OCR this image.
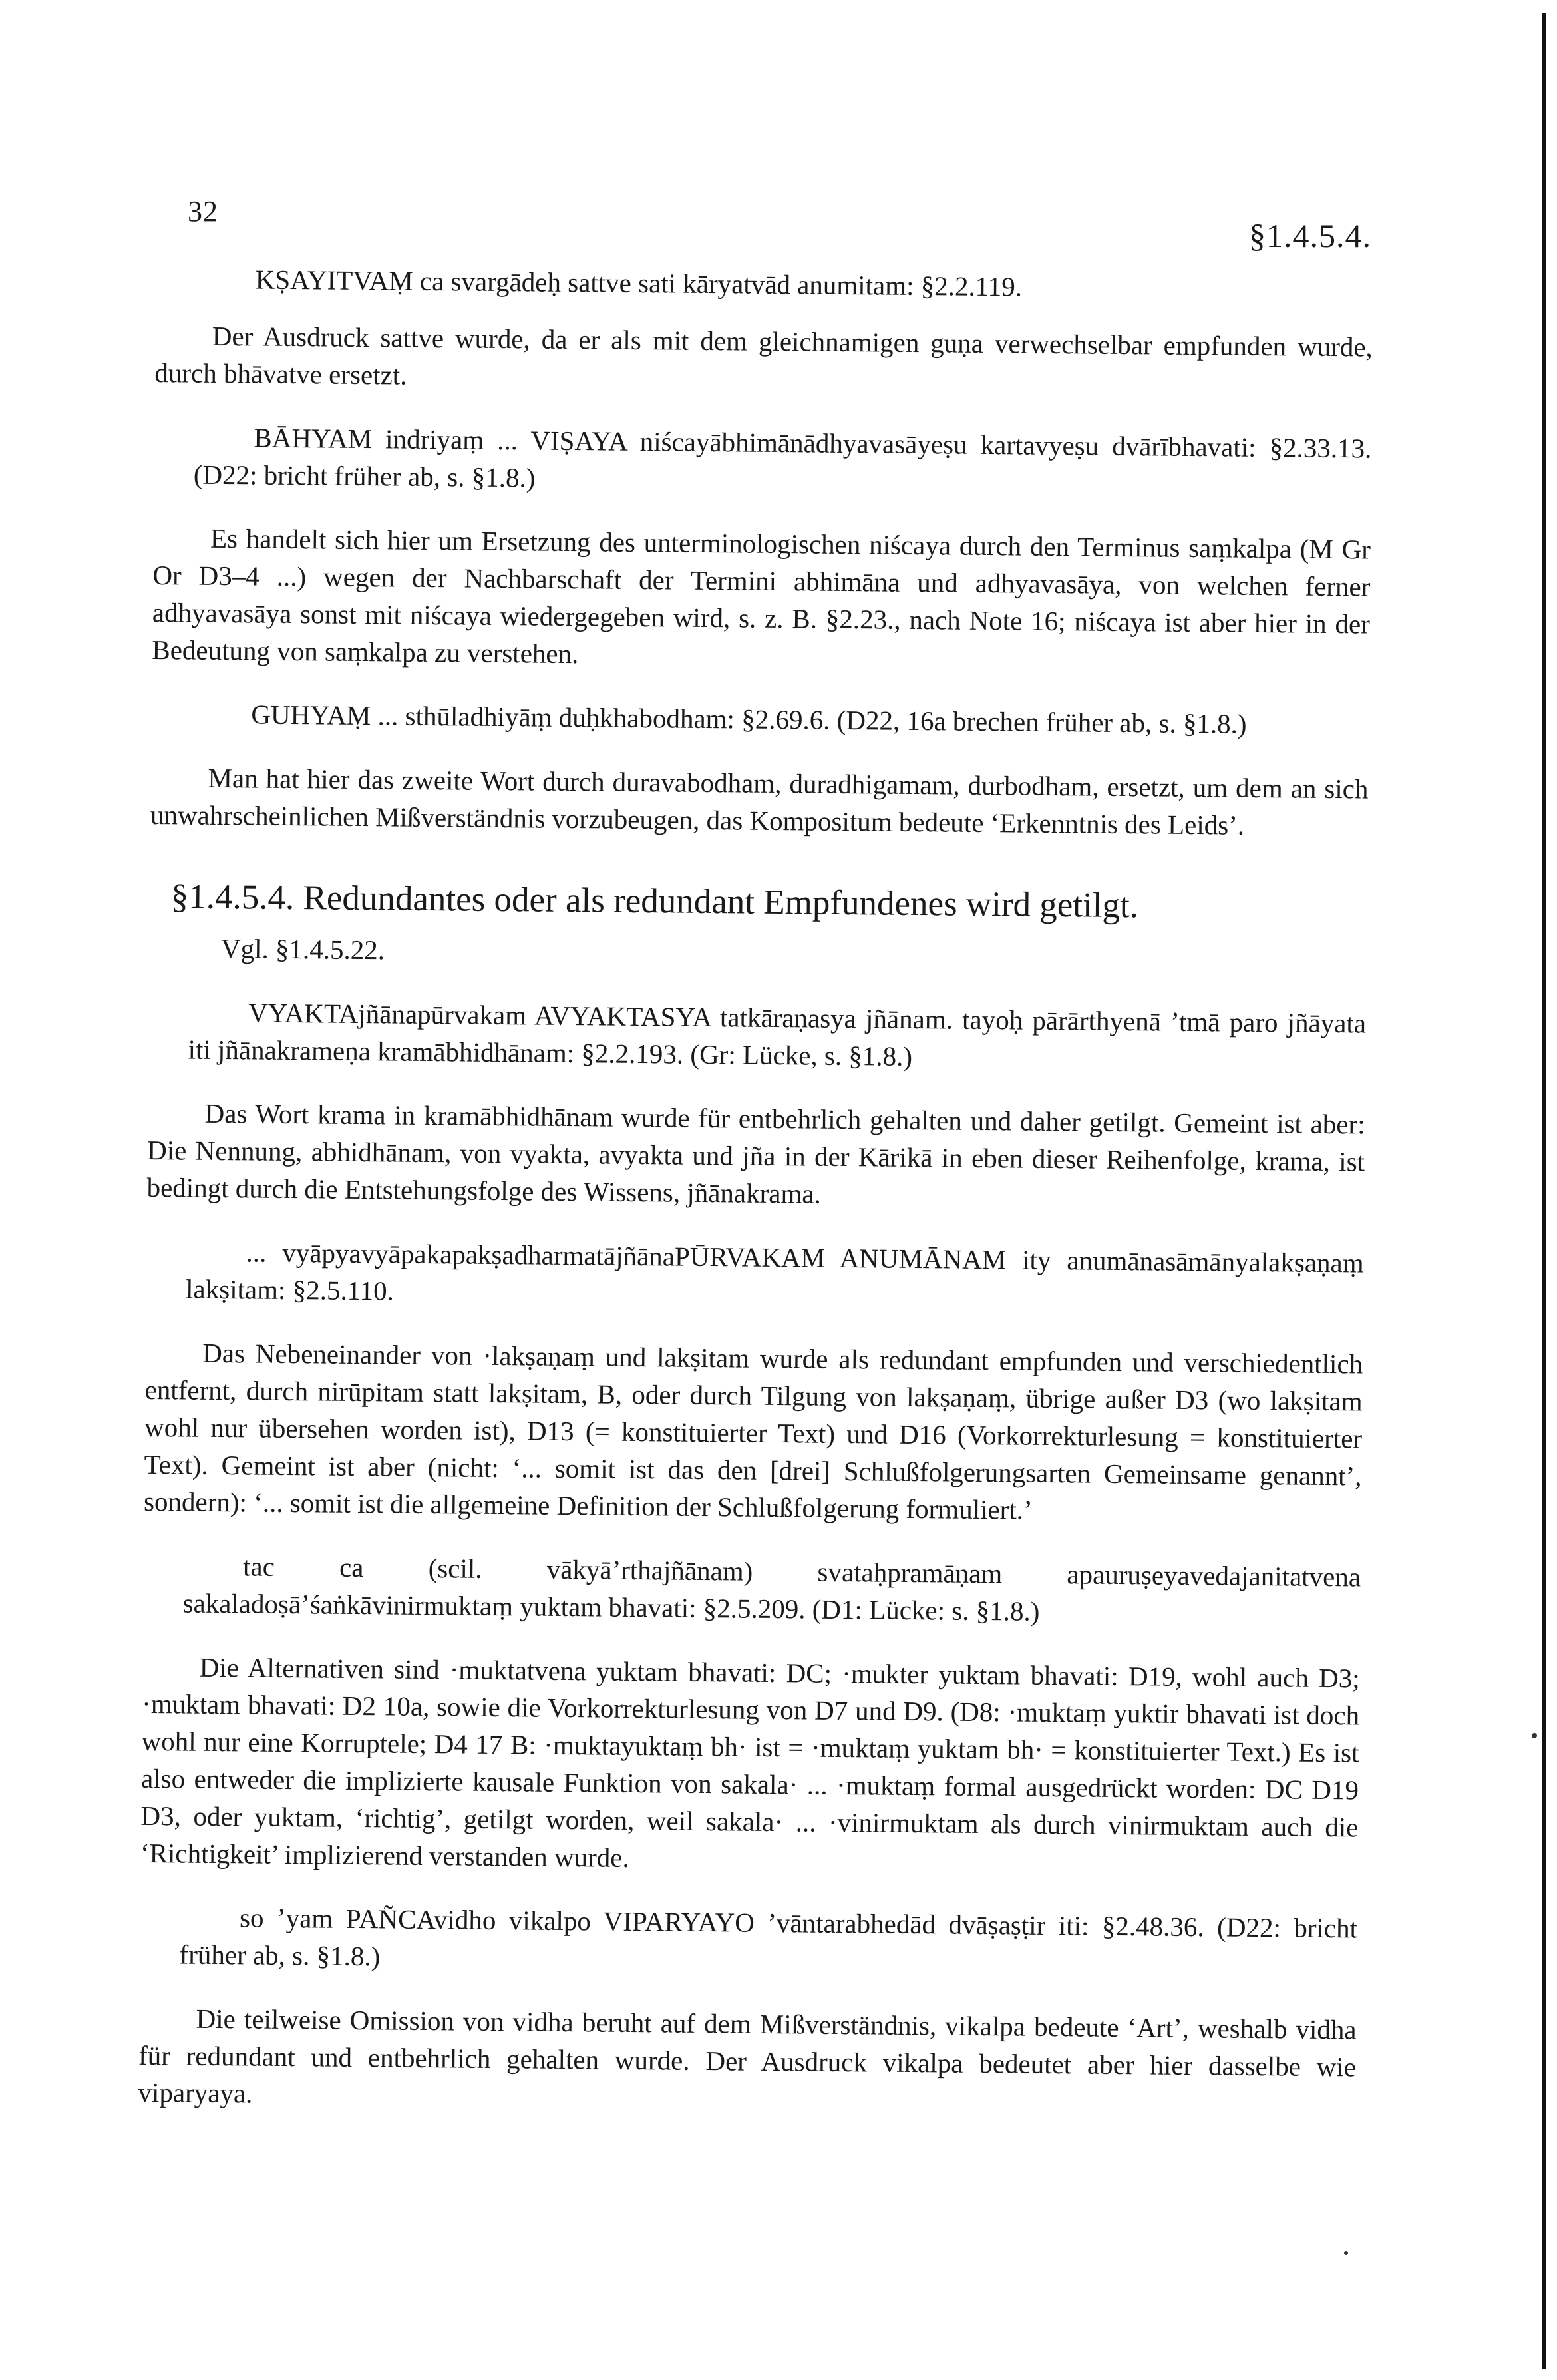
32
§1.4.5.4.

KṢAYITVAṂ ca svargādeḥ sattve sati kāryatvād anumitam: §2.2.119.

Der Ausdruck sattve wurde, da er als mit dem gleichnamigen guṇa verwechselbar empfunden wurde, durch bhāvatve ersetzt.

BĀHYAM indriyaṃ ... VIṢAYA niścayābhimānādhyavasāyeṣu kartavyeṣu dvārībhavati: §2.33.13. (D22: bricht früher ab, s. §1.8.)

Es handelt sich hier um Ersetzung des unterminologischen niścaya durch den Terminus saṃkalpa (M Gr Or D3–4 ...) wegen der Nachbarschaft der Termini abhimāna und adhyavasāya, von welchen ferner adhyavasāya sonst mit niścaya wiedergegeben wird, s. z. B. §2.23., nach Note 16; niścaya ist aber hier in der Bedeutung von saṃkalpa zu verstehen.

GUHYAṂ ... sthūladhiyāṃ duḥkhabodham: §2.69.6. (D22, 16a brechen früher ab, s. §1.8.)

Man hat hier das zweite Wort durch duravabodham, duradhigamam, durbodham, ersetzt, um dem an sich unwahrscheinlichen Mißverständnis vorzubeugen, das Kompositum bedeute ‘Erkenntnis des Leids’.

§1.4.5.4. Redundantes oder als redundant Empfundenes wird getilgt.
Vgl. §1.4.5.22.

VYAKTAjñānapūrvakam AVYAKTASYA tatkāraṇasya jñānam. tayoḥ pārārthyenā ’tmā paro jñāyata iti jñānakrameṇa kramābhidhānam: §2.2.193. (Gr: Lücke, s. §1.8.)

Das Wort krama in kramābhidhānam wurde für entbehrlich gehalten und daher getilgt. Gemeint ist aber: Die Nennung, abhidhānam, von vyakta, avyakta und jña in der Kārikā in eben dieser Reihenfolge, krama, ist bedingt durch die Entstehungsfolge des Wissens, jñānakrama.

... vyāpyavyāpakapakṣadharmatājñānaPŪRVAKAM ANUMĀNAM ity anumānasāmānyalakṣaṇaṃ lakṣitam: §2.5.110.

Das Nebeneinander von ·lakṣaṇaṃ und lakṣitam wurde als redundant empfunden und verschiedentlich entfernt, durch nirūpitam statt lakṣitam, B, oder durch Tilgung von lakṣaṇaṃ, übrige außer D3 (wo lakṣitam wohl nur übersehen worden ist), D13 (= konstituierter Text) und D16 (Vorkorrekturlesung = konstituierter Text). Gemeint ist aber (nicht: ‘... somit ist das den [drei] Schlußfolgerungsarten Gemeinsame genannt’, sondern): ‘... somit ist die allgemeine Definition der Schlußfolgerung formuliert.’

tac ca (scil. vākyā’rthajñānam) svataḥpramāṇam apauruṣeyavedajanitatvena sakaladoṣā’śaṅkāvinirmuktaṃ yuktam bhavati: §2.5.209. (D1: Lücke: s. §1.8.)

Die Alternativen sind ·muktatvena yuktam bhavati: DC; ·mukter yuktam bhavati: D19, wohl auch D3; ·muktam bhavati: D2 10a, sowie die Vorkorrekturlesung von D7 und D9. (D8: ·muktaṃ yuktir bhavati ist doch wohl nur eine Korruptele; D4 17 B: ·muktayuktaṃ bh· ist = ·muktaṃ yuktam bh· = konstituierter Text.) Es ist also entweder die implizierte kausale Funktion von sakala· ... ·muktaṃ formal ausgedrückt worden: DC D19 D3, oder yuktam, ‘richtig’, getilgt worden, weil sakala· ... ·vinirmuktam als durch vinirmuktam auch die ‘Richtigkeit’ implizierend verstanden wurde.

so ’yam PAÑCAvidho vikalpo VIPARYAYO ’vāntarabhedād dvāṣaṣṭir iti: §2.48.36. (D22: bricht früher ab, s. §1.8.)

Die teilweise Omission von vidha beruht auf dem Mißverständnis, vikalpa bedeute ‘Art’, weshalb vidha für redundant und entbehrlich gehalten wurde. Der Ausdruck vikalpa bedeutet aber hier dasselbe wie viparyaya.
